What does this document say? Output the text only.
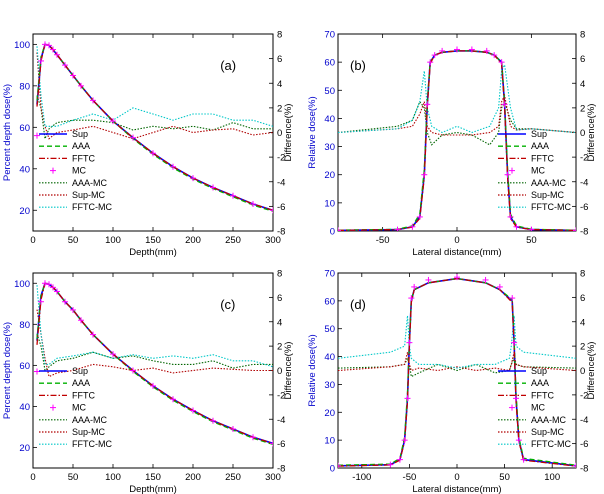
0	50	100	150	200	250	300
20
40
60
80
100
-8
-6
-4
-2
0
2
4
6
8
Depth(mm)
Percent depth dose(%)	Difference(%)
(a)
Sup
AAA
FFTC
MC
AAA-MC
Sup-MC
FFTC-MC
-50	0	50
0
10
20
30
40
50
60
70
-8
-6
-4
-2
0
2
4
6
8
Lateral distance(mm)
Relative dose(%)	Difference(%)
(b)
Sup
AAA
FFTC
MC
AAA-MC
Sup-MC
FFTC-MC
0	50	100	150	200	250	300
20
40
60
80
100
-8
-6
-4
-2
0
2
4
6
8
Depth(mm)
Percent depth dose(%)	Difference(%)
(c)
Sup
AAA
FFTC
MC
AAA-MC
Sup-MC
FFTC-MC
-100	-50	0	50	100
0
10
20
30
40
50
60
70
-8
-6
-4
-2
0
2
4
6
8
Lateral distance(mm)
Relative dose(%)	Difference(%)
(d)
Sup
AAA
FFTC
MC
AAA-MC
Sup-MC
FFTC-MC
